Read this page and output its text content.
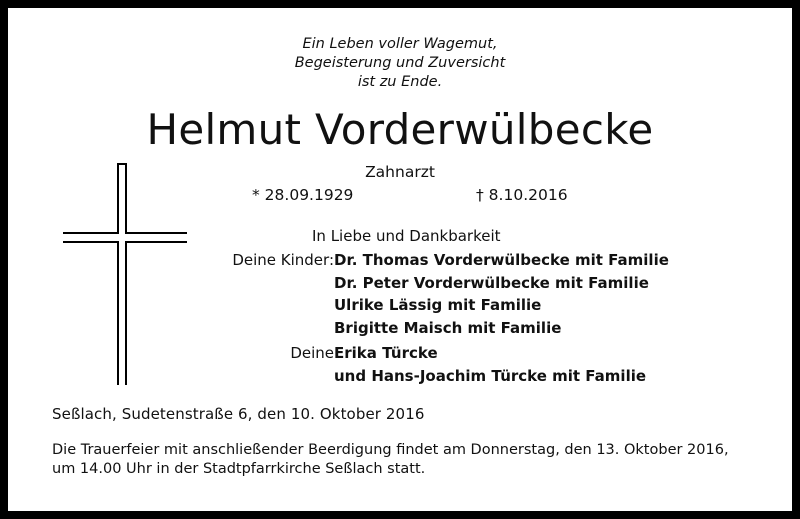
Ein Leben voller Wagemut,
Begeisterung und Zuversicht
ist zu Ende.
Helmut Vorderwülbecke
Zahnarzt
* 28.09.1929	† 8.10.2016
In Liebe und Dankbarkeit
Deine Kinder: Dr. Thomas Vorderwülbecke mit Familie
Dr. Peter Vorderwülbecke mit Familie
Ulrike Lässig mit Familie
Brigitte Maisch mit Familie
Deine Erika Türcke
und Hans-Joachim Türcke mit Familie
Seßlach, Sudetenstraße 6, den 10. Oktober 2016
Die Trauerfeier mit anschließender Beerdigung findet am Donnerstag, den 13. Oktober 2016,
um 14.00 Uhr in der Stadtpfarrkirche Seßlach statt.
